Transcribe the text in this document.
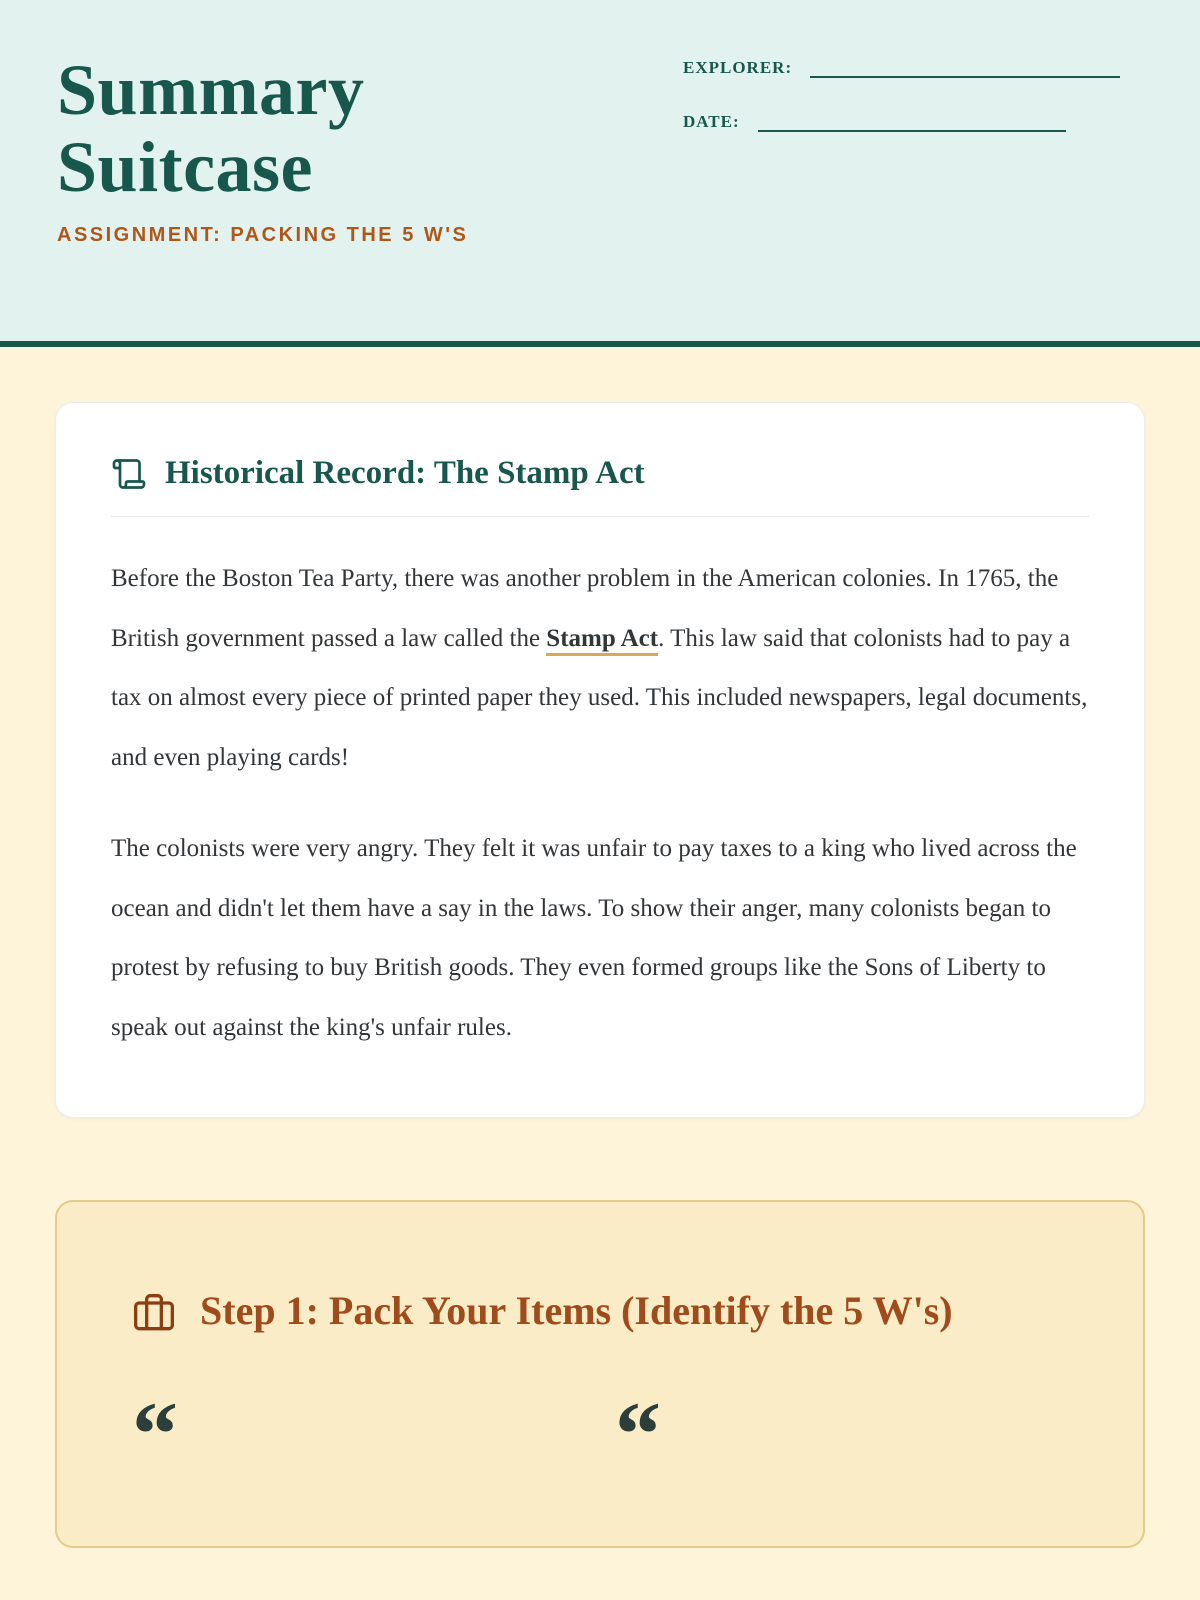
Summary Suitcase
ASSIGNMENT: PACKING THE 5 W'S
EXPLORER:
DATE:
Historical Record: The Stamp Act

Before the Boston Tea Party, there was another problem in the American colonies. In 1765, the British government passed a law called the Stamp Act. This law said that colonists had to pay a tax on almost every piece of printed paper they used. This included newspapers, legal documents, and even playing cards!

The colonists were very angry. They felt it was unfair to pay taxes to a king who lived across the ocean and didn't let them have a say in the laws. To show their anger, many colonists began to protest by refusing to buy British goods. They even formed groups like the Sons of Liberty to speak out against the king's unfair rules.

Step 1: Pack Your Items (Identify the 5 W's)
“	“
